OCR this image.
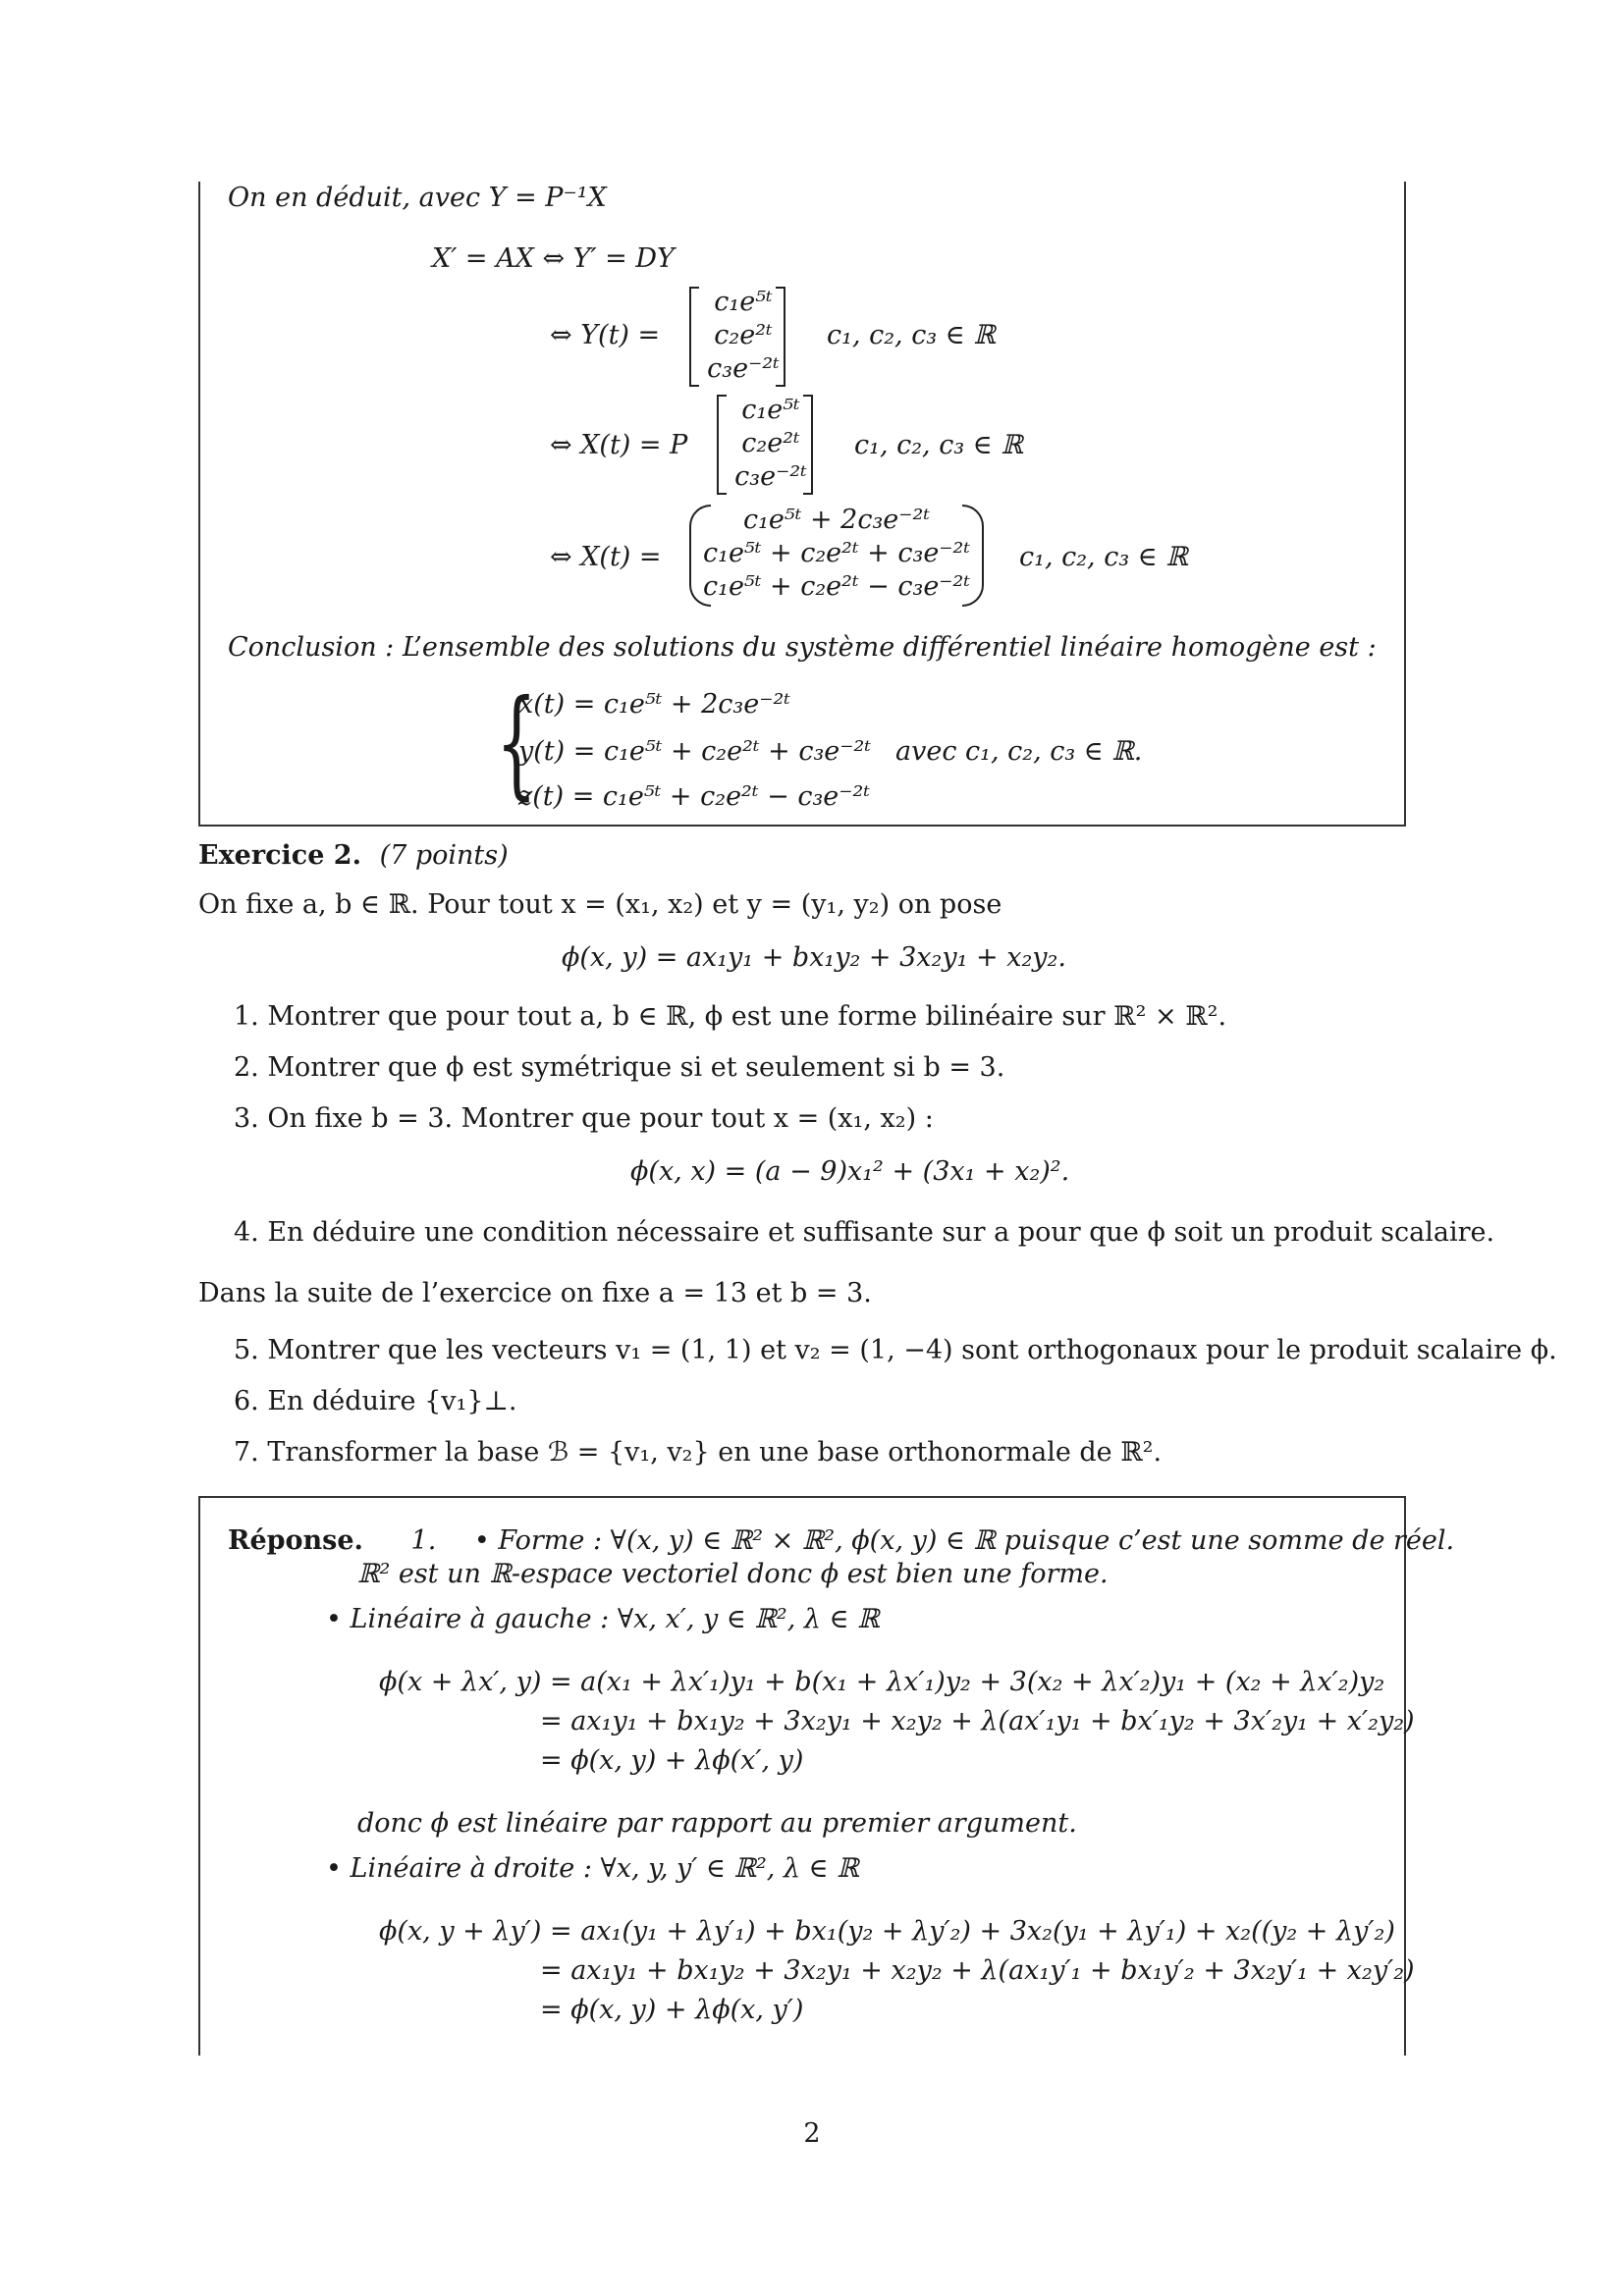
On en déduit, avec Y = P⁻¹X
X′ = AX ⇔ Y′ = DY
⇔ Y(t) =
c₁e⁵ᵗ
c₂e²ᵗ
c₃e⁻²ᵗ
c₁, c₂, c₃ ∈ ℝ
⇔ X(t) = P
c₁e⁵ᵗ
c₂e²ᵗ
c₃e⁻²ᵗ
c₁, c₂, c₃ ∈ ℝ
⇔ X(t) =
c₁e⁵ᵗ + 2c₃e⁻²ᵗ
c₁e⁵ᵗ + c₂e²ᵗ + c₃e⁻²ᵗ
c₁e⁵ᵗ + c₂e²ᵗ − c₃e⁻²ᵗ
c₁, c₂, c₃ ∈ ℝ
Conclusion : L’ensemble des solutions du système différentiel linéaire homogène est :
{
x(t) = c₁e⁵ᵗ + 2c₃e⁻²ᵗ
y(t) = c₁e⁵ᵗ + c₂e²ᵗ + c₃e⁻²ᵗ
z(t) = c₁e⁵ᵗ + c₂e²ᵗ − c₃e⁻²ᵗ
avec c₁, c₂, c₃ ∈ ℝ.
Exercice 2. (7 points)
On fixe a, b ∈ ℝ. Pour tout x = (x₁, x₂) et y = (y₁, y₂) on pose
ϕ(x, y) = ax₁y₁ + bx₁y₂ + 3x₂y₁ + x₂y₂.
1. Montrer que pour tout a, b ∈ ℝ, ϕ est une forme bilinéaire sur ℝ² × ℝ².
2. Montrer que ϕ est symétrique si et seulement si b = 3.
3. On fixe b = 3. Montrer que pour tout x = (x₁, x₂) :
ϕ(x, x) = (a − 9)x₁² + (3x₁ + x₂)².
4. En déduire une condition nécessaire et suffisante sur a pour que ϕ soit un produit scalaire.
Dans la suite de l’exercice on fixe a = 13 et b = 3.
5. Montrer que les vecteurs v₁ = (1, 1) et v₂ = (1, −4) sont orthogonaux pour le produit scalaire ϕ.
6. En déduire {v₁}⊥.
7. Transformer la base ℬ = {v₁, v₂} en une base orthonormale de ℝ².
Réponse. 1. • Forme : ∀(x, y) ∈ ℝ² × ℝ², ϕ(x, y) ∈ ℝ puisque c’est une somme de réel.
ℝ² est un ℝ-espace vectoriel donc ϕ est bien une forme.
• Linéaire à gauche : ∀x, x′, y ∈ ℝ², λ ∈ ℝ
ϕ(x + λx′, y) = a(x₁ + λx′₁)y₁ + b(x₁ + λx′₁)y₂ + 3(x₂ + λx′₂)y₁ + (x₂ + λx′₂)y₂
= ax₁y₁ + bx₁y₂ + 3x₂y₁ + x₂y₂ + λ(ax′₁y₁ + bx′₁y₂ + 3x′₂y₁ + x′₂y₂)
= ϕ(x, y) + λϕ(x′, y)
donc ϕ est linéaire par rapport au premier argument.
• Linéaire à droite : ∀x, y, y′ ∈ ℝ², λ ∈ ℝ
ϕ(x, y + λy′) = ax₁(y₁ + λy′₁) + bx₁(y₂ + λy′₂) + 3x₂(y₁ + λy′₁) + x₂((y₂ + λy′₂)
= ax₁y₁ + bx₁y₂ + 3x₂y₁ + x₂y₂ + λ(ax₁y′₁ + bx₁y′₂ + 3x₂y′₁ + x₂y′₂)
= ϕ(x, y) + λϕ(x, y′)
2
